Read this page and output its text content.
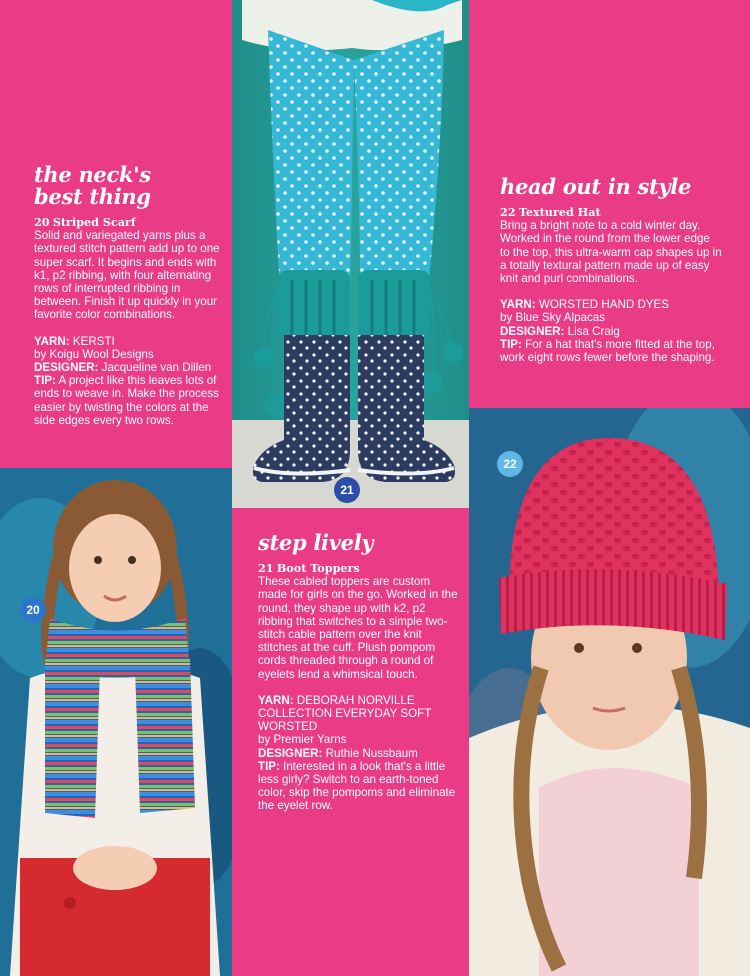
the neck's
best thing

20 Striped Scarf

Solid and variegated yarns plus a textured stitch pattern add up to one super scarf. It begins and ends with k1, p2 ribbing, with four alternating rows of interrupted ribbing in between. Finish it up quickly in your favorite color combinations.

YARN: KERSTI

by Koigu Wool Designs

DESIGNER: Jacqueline van Dillen

TIP: A project like this leaves lots of ends to weave in. Make the process easier by twisting the colors at the side edges every two rows.

head out in style

22 Textured Hat

Bring a bright note to a cold winter day. Worked in the round from the lower edge to the top, this ultra-warm cap shapes up in a totally textural pattern made up of easy knit and purl combinations.

YARN: WORSTED HAND DYES

by Blue Sky Alpacas

DESIGNER: Lisa Craig

TIP: For a hat that's more fitted at the top, work eight rows fewer before the shaping.

step lively

21 Boot Toppers

These cabled toppers are custom made for girls on the go. Worked in the round, they shape up with k2, p2 ribbing that switches to a simple two-stitch cable pattern over the knit stitches at the cuff. Plush pompom cords threaded through a round of eyelets lend a whimsical touch.

YARN: DEBORAH NORVILLE COLLECTION EVERYDAY SOFT WORSTED

by Premier Yarns

DESIGNER: Ruthie Nussbaum

TIP: Interested in a look that's a little less girly? Switch to an earth-toned color, skip the pompoms and eliminate the eyelet row.

20
21
22
